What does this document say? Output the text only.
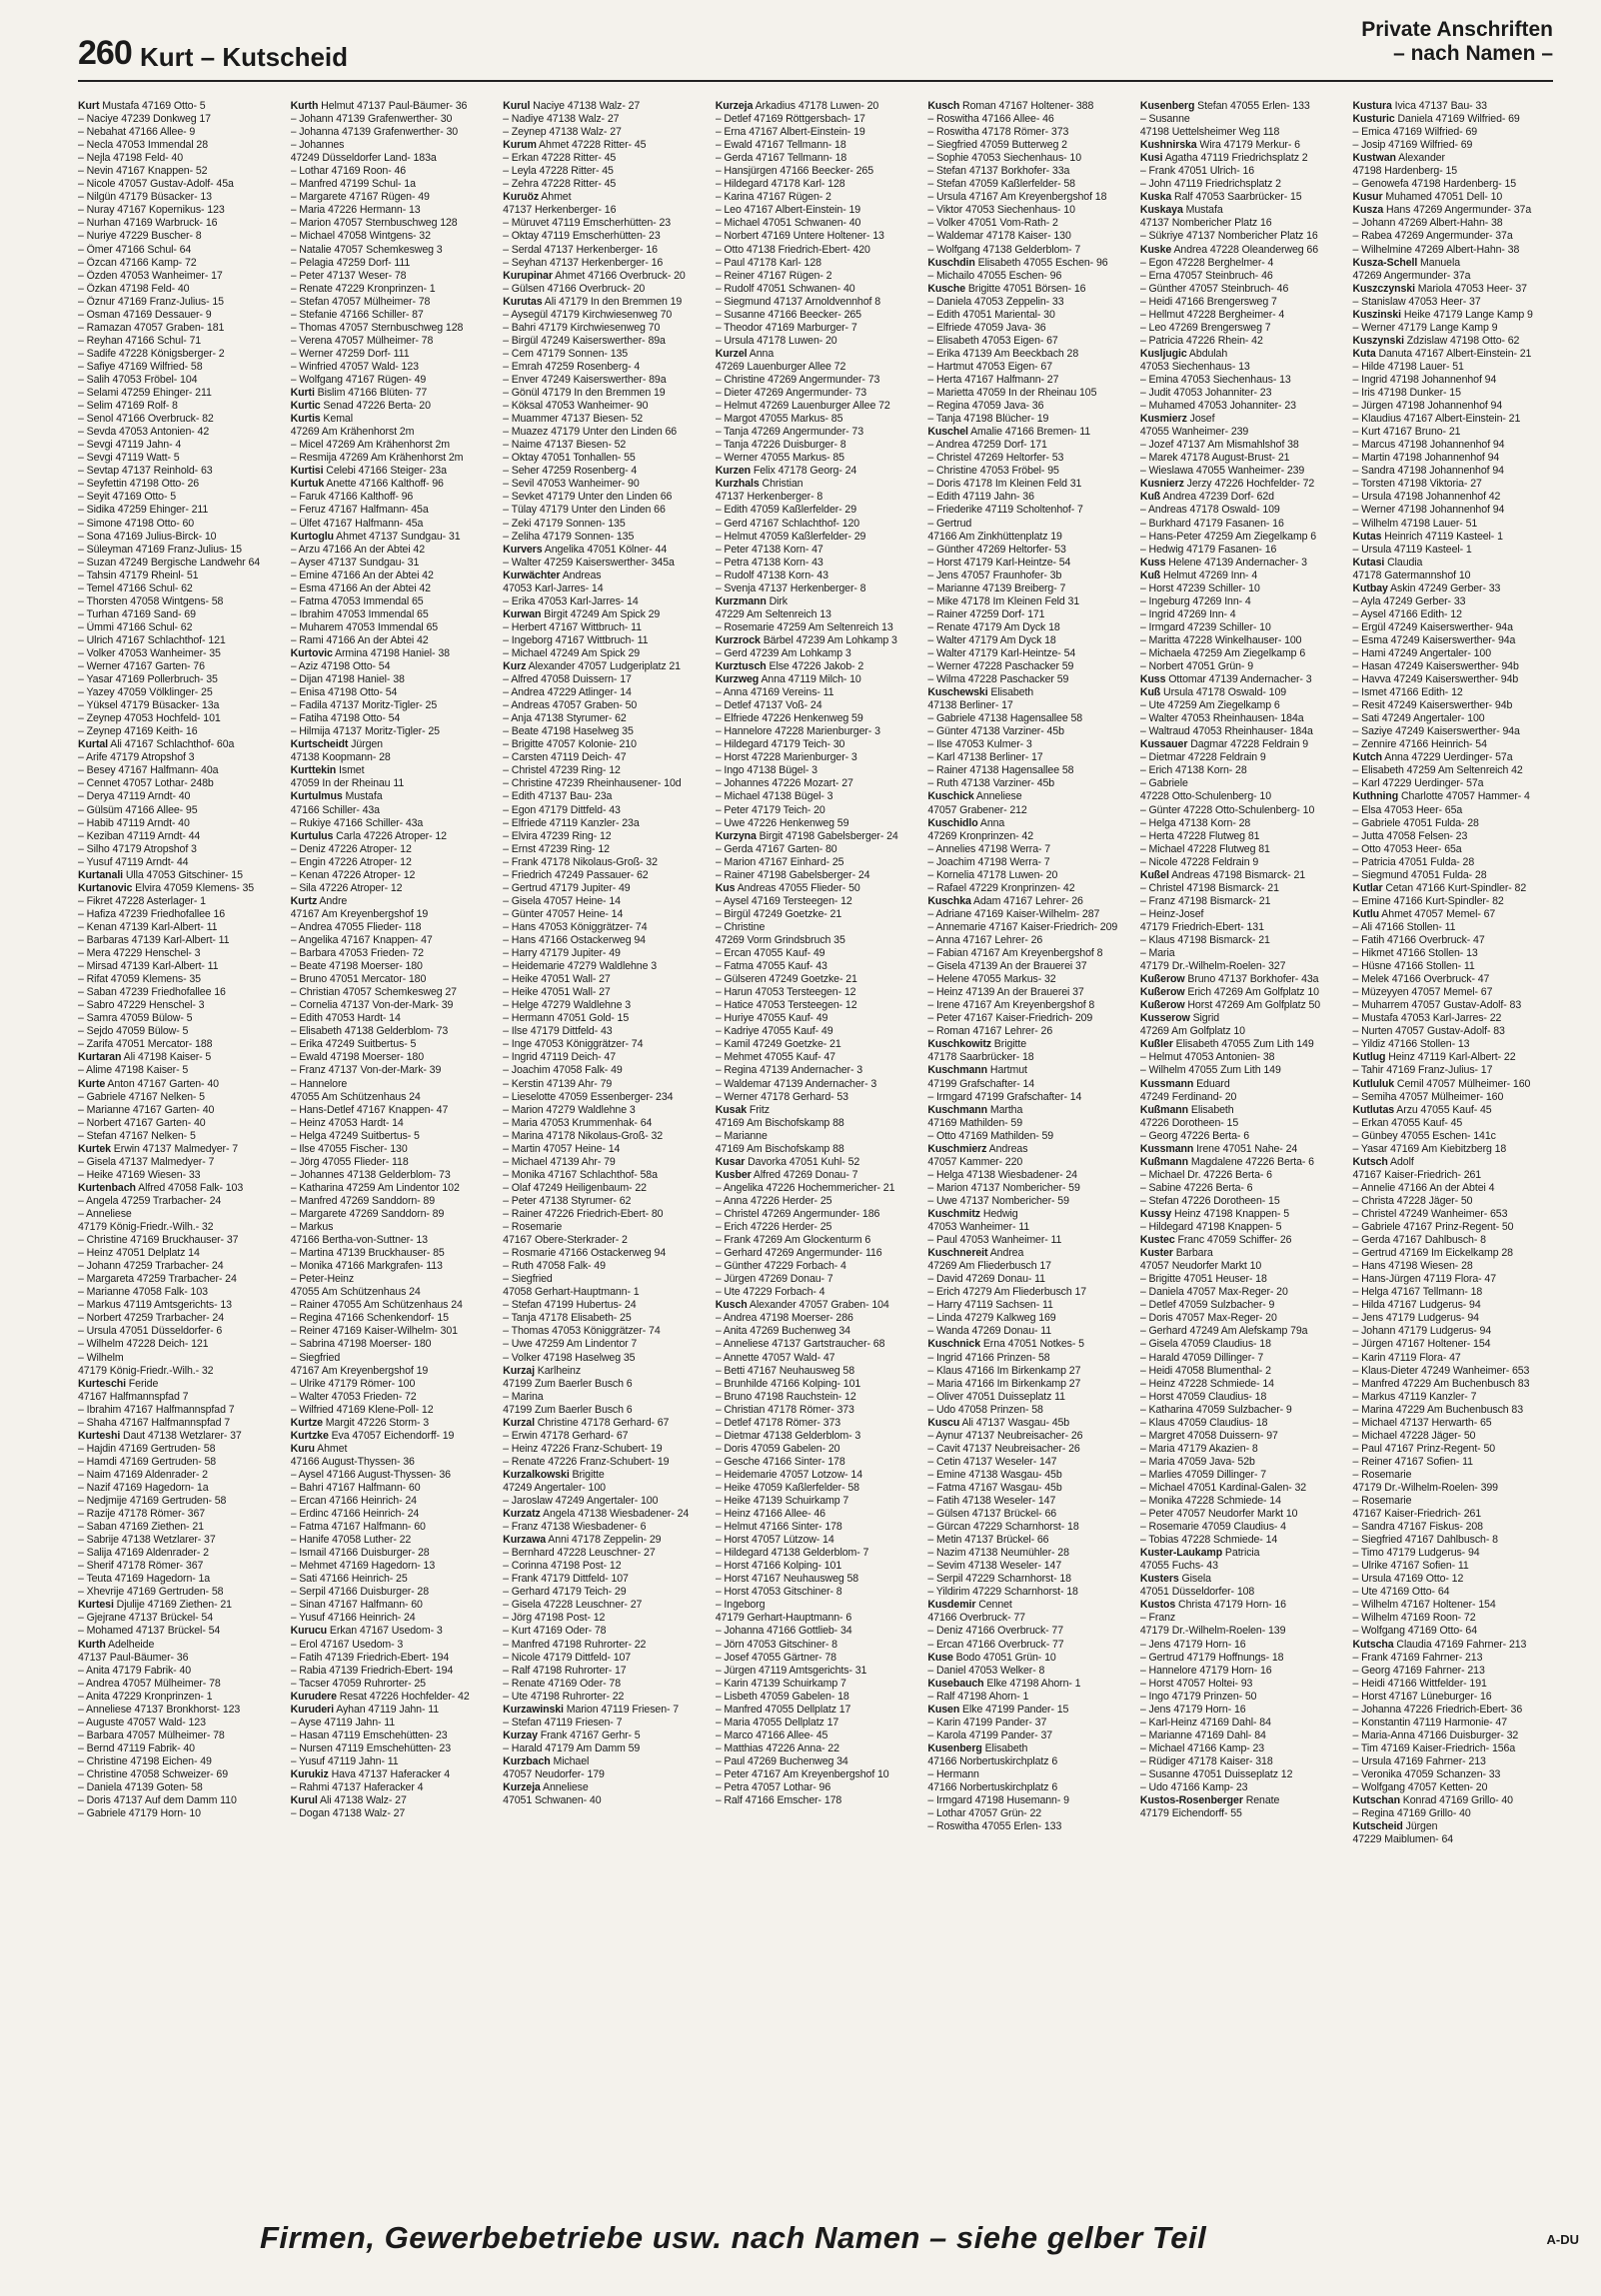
260 Kurt – Kutscheid
Private Anschriften
– nach Namen –
Kurt Mustafa 47169 Otto- 5
– Naciye 47239 Donkweg 17
– Nebahat 47166 Allee- 9
– Necla 47053 Immendal 28
– Nejla 47198 Feld- 40
– Nevin 47167 Knappen- 52
– Nicole 47057 Gustav-Adolf- 45a
– Nilgün 47179 Büsacker- 13
– Nuray 47167 Kopernikus- 123
– Nurhan 47169 Warbruck- 16
– Nuriye 47229 Buscher- 8
– Ömer 47166 Schul- 64
– Özcan 47166 Kamp- 72
– Özden 47053 Wanheimer- 17
– Özkan 47198 Feld- 40
– Öznur 47169 Franz-Julius- 15
– Osman 47169 Dessauer- 9
– Ramazan 47057 Graben- 181
– Reyhan 47166 Schul- 71
– Sadife 47228 Königsberger- 2
– Safiye 47169 Wilfried- 58
– Salih 47053 Fröbel- 104
– Selami 47259 Ehinger- 211
– Selim 47169 Rolf- 8
– Senol 47166 Overbruck- 82
– Sevda 47053 Antonien- 42
– Sevgi 47119 Jahn- 4
– Sevgi 47119 Watt- 5
– Sevtap 47137 Reinhold- 63
– Seyfettin 47198 Otto- 26
– Seyit 47169 Otto- 5
– Sidika 47259 Ehinger- 211
– Simone 47198 Otto- 60
– Sona 47169 Julius-Birck- 10
– Süleyman 47169 Franz-Julius- 15
– Suzan 47249 Bergische Landwehr 64
– Tahsin 47179 Rheinl- 51
– Temel 47166 Schul- 62
– Thorsten 47058 Wintgens- 58
– Turhan 47169 Sand- 69
– Ümmi 47166 Schul- 62
– Ulrich 47167 Schlachthof- 121
– Volker 47053 Wanheimer- 35
– Werner 47167 Garten- 76
– Yasar 47169 Pollerbruch- 35
– Yazey 47059 Völklinger- 25
– Yüksel 47179 Büsacker- 13a
– Zeynep 47053 Hochfeld- 101
– Zeynep 47169 Keith- 16
Kurtal Ali 47167 Schlachthof- 60a
– Arife 47179 Atropshof 3
– Besey 47167 Halfmann- 40a
– Cennet 47057 Lothar- 248b
– Derya 47119 Arndt- 40
– Gülsüm 47166 Allee- 95
– Habib 47119 Arndt- 40
– Keziban 47119 Arndt- 44
– Silho 47179 Atropshof 3
– Yusuf 47119 Arndt- 44
Kurtanali Ulla 47053 Gitschiner- 15
Kurtanovic Elvira 47059 Klemens- 35
– Fikret 47228 Asterlager- 1
– Hafiza 47239 Friedhofallee 16
– Kenan 47139 Karl-Albert- 11
– Barbaras 47139 Karl-Albert- 11
– Mera 47229 Henschel- 3
– Mirsad 47139 Karl-Albert- 11
– Rifat 47059 Klemens- 35
– Saban 47239 Friedhofallee 16
– Sabro 47229 Henschel- 3
– Samra 47059 Bülow- 5
– Sejdo 47059 Bülow- 5
– Zarifa 47051 Mercator- 188
Kurtaran Ali 47198 Kaiser- 5
– Alime 47198 Kaiser- 5
Kurte Anton 47167 Garten- 40
– Gabriele 47167 Nelken- 5
– Marianne 47167 Garten- 40
– Norbert 47167 Garten- 40
– Stefan 47167 Nelken- 5
Kurtek Erwin 47137 Malmedyer- 7
– Gisela 47137 Malmedyer- 7
– Heike 47169 Wiesen- 33
Kurtenbach Alfred 47058 Falk- 103
– Angela 47259 Trarbacher- 24
– Anneliese
47179 König-Friedr.-Wilh.- 32
– Christine 47169 Bruckhauser- 37
– Heinz 47051 Delplatz 14
– Johann 47259 Trarbacher- 24
– Margareta 47259 Trarbacher- 24
– Marianne 47058 Falk- 103
– Markus 47119 Amtsgerichts- 13
– Norbert 47259 Trarbacher- 24
– Ursula 47051 Düsseldorfer- 6
– Wilhelm 47228 Deich- 121
– Wilhelm
47179 König-Friedr.-Wilh.- 32
Kurteschi Feride
47167 Halfmannspfad 7
– Ibrahim 47167 Halfmannspfad 7
– Shaha 47167 Halfmannspfad 7
Kurteshi Daut 47138 Wetzlarer- 37
– Hajdin 47169 Gertruden- 58
– Hamdi 47169 Gertruden- 58
– Naim 47169 Aldenrader- 2
– Nazif 47169 Hagedorn- 1a
– Nedjmije 47169 Gertruden- 58
– Razije 47178 Römer- 367
– Saban 47169 Ziethen- 21
– Sabrije 47138 Wetzlarer- 37
– Salija 47169 Aldenrader- 2
– Sherif 47178 Römer- 367
– Teuta 47169 Hagedorn- 1a
– Xhevrije 47169 Gertruden- 58
Kurtesi Djulije 47169 Ziethen- 21
– Gjejrane 47137 Brückel- 54
– Mohamed 47137 Brückel- 54
Kurth Adelheide
47137 Paul-Bäumer- 36
– Anita 47179 Fabrik- 40
– Andrea 47057 Mülheimer- 78
– Anita 47229 Kronprinzen- 1
– Anneliese 47137 Bronkhorst- 123
– Auguste 47057 Wald- 123
– Barbara 47057 Mülheimer- 78
– Bernd 47119 Fabrik- 40
– Christine 47198 Eichen- 49
– Christine 47058 Schweizer- 69
– Daniela 47139 Goten- 58
– Doris 47137 Auf dem Damm 110
– Gabriele 47179 Horn- 10
Kurth Helmut 47137 Paul-Bäumer- 36
– Johann 47139 Grafenwerther- 30
– Johanna 47139 Grafenwerther- 30
– Johannes
47249 Düsseldorfer Land- 183a
– Lothar 47169 Roon- 46
– Manfred 47199 Schul- 1a
– Margarete 47167 Rügen- 49
– Maria 47226 Hermann- 13
– Marion 47057 Sternbuschweg 128
– Michael 47058 Wintgens- 32
– Natalie 47057 Schemkesweg 3
– Pelagia 47259 Dorf- 111
– Peter 47137 Weser- 78
– Renate 47229 Kronprinzen- 1
– Stefan 47057 Mülheimer- 78
– Stefanie 47166 Schiller- 87
– Thomas 47057 Sternbuschweg 128
– Verena 47057 Mülheimer- 78
– Werner 47259 Dorf- 111
– Winfried 47057 Wald- 123
– Wolfgang 47167 Rügen- 49
Kurti Bislim 47166 Blüten- 77
Kurtic Senad 47226 Berta- 20
Kurtis Kemal
47269 Am Krähenhorst 2m
– Micel 47269 Am Krähenhorst 2m
– Resmija 47269 Am Krähenhorst 2m
Kurtisi Celebi 47166 Steiger- 23a
Kurtuk Anette 47166 Kalthoff- 96
– Faruk 47166 Kalthoff- 96
– Feruz 47167 Halfmann- 45a
– Ülfet 47167 Halfmann- 45a
Kurtoglu Ahmet 47137 Sundgau- 31
– Arzu 47166 An der Abtei 42
– Ayser 47137 Sundgau- 31
– Emine 47166 An der Abtei 42
– Esma 47166 An der Abtei 42
– Fatma 47053 Immendal 65
– Ibrahim 47053 Immendal 65
– Muharem 47053 Immendal 65
– Rami 47166 An der Abtei 42
Kurtovic Armina 47198 Haniel- 38
– Aziz 47198 Otto- 54
– Dijan 47198 Haniel- 38
– Enisa 47198 Otto- 54
– Fadila 47137 Moritz-Tigler- 25
– Fatiha 47198 Otto- 54
– Hilmija 47137 Moritz-Tigler- 25
Kurtscheidt Jürgen
47138 Koopmann- 28
Kurttekin Ismet
47059 In der Rheinau 11
Kurtulmus Mustafa
47166 Schiller- 43a
– Rukiye 47166 Schiller- 43a
Kurtulus Carla 47226 Atroper- 12
– Deniz 47226 Atroper- 12
– Engin 47226 Atroper- 12
– Kenan 47226 Atroper- 12
– Sila 47226 Atroper- 12
Kurtz Andre
47167 Am Kreyenbergshof 19
– Andrea 47055 Flieder- 118
– Angelika 47167 Knappen- 47
– Barbara 47053 Frieden- 72
– Beate 47198 Moerser- 180
– Bruno 47051 Mercator- 180
– Christian 47057 Schemkesweg 27
– Cornelia 47137 Von-der-Mark- 39
– Edith 47053 Hardt- 14
– Elisabeth 47138 Gelderblom- 73
– Erika 47249 Suitbertus- 5
– Ewald 47198 Moerser- 180
– Franz 47137 Von-der-Mark- 39
– Hannelore
47055 Am Schützenhaus 24
– Hans-Detlef 47167 Knappen- 47
– Heinz 47053 Hardt- 14
– Helga 47249 Suitbertus- 5
– Ilse 47055 Fischer- 130
– Jörg 47055 Flieder- 118
– Johannes 47138 Gelderblom- 73
– Katharina 47259 Am Lindentor 102
– Manfred 47269 Sanddorn- 89
– Margarete 47269 Sanddorn- 89
– Markus
47166 Bertha-von-Suttner- 13
– Martina 47139 Bruckhauser- 85
– Monika 47166 Markgrafen- 113
– Peter-Heinz
47055 Am Schützenhaus 24
– Rainer 47055 Am Schützenhaus 24
– Regina 47166 Schenkendorf- 15
– Reiner 47169 Kaiser-Wilhelm- 301
– Sabrina 47198 Moerser- 180
– Siegfried
47167 Am Kreyenbergshof 19
– Ulrike 47179 Römer- 100
– Walter 47053 Frieden- 72
– Wilfried 47169 Klene-Poll- 12
Kurtze Margit 47226 Storm- 3
Kurtzke Eva 47057 Eichendorff- 19
Kuru Ahmet
47166 August-Thyssen- 36
– Aysel 47166 August-Thyssen- 36
– Bahri 47167 Halfmann- 60
– Ercan 47166 Heinrich- 24
– Erdinc 47166 Heinrich- 24
– Fatma 47167 Halfmann- 60
– Hanife 47058 Luther- 22
– Ismail 47166 Duisburger- 28
– Mehmet 47169 Hagedorn- 13
– Sati 47166 Heinrich- 25
– Serpil 47166 Duisburger- 28
– Sinan 47167 Halfmann- 60
– Yusuf 47166 Heinrich- 24
Kurucu Erkan 47167 Usedom- 3
– Erol 47167 Usedom- 3
– Fatih 47139 Friedrich-Ebert- 194
– Rabia 47139 Friedrich-Ebert- 194
– Tacser 47059 Ruhrorter- 25
Kurudere Resat 47226 Hochfelder- 42
Kuruderi Ayhan 47119 Jahn- 11
– Ayse 47119 Jahn- 11
– Hasan 47119 Emschehütten- 23
– Nursen 47119 Emschehütten- 23
– Yusuf 47119 Jahn- 11
Kurukiz Hava 47137 Haferacker 4
– Rahmi 47137 Haferacker 4
Kurul Ali 47138 Walz- 27
– Dogan 47138 Walz- 27
Kurul Naciye 47138 Walz- 27
– Nadiye 47138 Walz- 27
– Zeynep 47138 Walz- 27
Kurum Ahmet 47228 Ritter- 45
– Erkan 47228 Ritter- 45
– Leyla 47228 Ritter- 45
– Zehra 47228 Ritter- 45
Kuruöz Ahmet
47137 Herkenberger- 16
– Müruvet 47119 Emscherhütten- 23
– Oktay 47119 Emscherhütten- 23
– Serdal 47137 Herkenberger- 16
– Seyhan 47137 Herkenberger- 16
Kurupinar Ahmet 47166 Overbruck- 20
– Gülsen 47166 Overbruck- 20
Kurutas Ali 47179 In den Bremmen 19
– Aysegül 47179 Kirchwiesenweg 70
– Bahri 47179 Kirchwiesenweg 70
– Birgül 47249 Kaiserswerther- 89a
– Cem 47179 Sonnen- 135
– Emrah 47259 Rosenberg- 4
– Enver 47249 Kaiserswerther- 89a
– Gönül 47179 In den Bremmen 19
– Köksal 47053 Wanheimer- 90
– Muammer 47137 Biesen- 52
– Muazez 47179 Unter den Linden 66
– Naime 47137 Biesen- 52
– Oktay 47051 Tonhallen- 55
– Seher 47259 Rosenberg- 4
– Sevil 47053 Wanheimer- 90
– Sevket 47179 Unter den Linden 66
– Tülay 47179 Unter den Linden 66
– Zeki 47179 Sonnen- 135
– Zeliha 47179 Sonnen- 135
Kurvers Angelika 47051 Kölner- 44
– Walter 47259 Kaiserswerther- 345a
Kurwächter Andreas
47053 Karl-Jarres- 14
– Erika 47053 Karl-Jarres- 14
Kurwan Birgit 47249 Am Spick 29
– Herbert 47167 Wittbruch- 11
– Ingeborg 47167 Wittbruch- 11
– Michael 47249 Am Spick 29
Kurz Alexander 47057 Ludgeriplatz 21
– Alfred 47058 Duissern- 17
– Andrea 47229 Atlinger- 14
– Andreas 47057 Graben- 50
– Anja 47138 Styrumer- 62
– Beate 47198 Haselweg 35
– Brigitte 47057 Kolonie- 210
– Carsten 47119 Deich- 47
– Christel 47239 Ring- 12
– Christine 47239 Rheinhausener- 10d
– Edith 47137 Bau- 23a
– Egon 47179 Dittfeld- 43
– Elfriede 47119 Kanzler- 23a
– Elvira 47239 Ring- 12
– Ernst 47239 Ring- 12
– Frank 47178 Nikolaus-Groß- 32
– Friedrich 47249 Passauer- 62
– Gertrud 47179 Jupiter- 49
– Gisela 47057 Heine- 14
– Günter 47057 Heine- 14
– Hans 47053 Königgrätzer- 74
– Hans 47166 Ostackerweg 94
– Harry 47179 Jupiter- 49
– Heidemarie 47279 Waldlehne 3
– Heike 47051 Wall- 27
– Heike 47051 Wall- 27
– Helge 47279 Waldlehne 3
– Hermann 47051 Gold- 15
– Ilse 47179 Dittfeld- 43
– Inge 47053 Königgrätzer- 74
– Ingrid 47119 Deich- 47
– Joachim 47058 Falk- 49
– Kerstin 47139 Ahr- 79
– Lieselotte 47059 Essenberger- 234
– Marion 47279 Waldlehne 3
– Maria 47053 Krummenhak- 64
– Marina 47178 Nikolaus-Groß- 32
– Martin 47057 Heine- 14
– Michael 47139 Ahr- 79
– Monika 47167 Schlachthof- 58a
– Olaf 47249 Heiligenbaum- 22
– Peter 47138 Styrumer- 62
– Rainer 47226 Friedrich-Ebert- 80
– Rosemarie
47167 Obere-Sterkrader- 2
– Rosmarie 47166 Ostackerweg 94
– Ruth 47058 Falk- 49
– Siegfried
47058 Gerhart-Hauptmann- 1
– Stefan 47199 Hubertus- 24
– Tanja 47178 Elisabeth- 25
– Thomas 47053 Königgrätzer- 74
– Uwe 47259 Am Lindentor 7
– Volker 47198 Haselweg 35
Kurzaj Karlheinz
47199 Zum Baerler Busch 6
– Marina
47199 Zum Baerler Busch 6
Kurzal Christine 47178 Gerhard- 67
– Erwin 47178 Gerhard- 67
– Heinz 47226 Franz-Schubert- 19
– Renate 47226 Franz-Schubert- 19
Kurzalkowski Brigitte
47249 Angertaler- 100
– Jaroslaw 47249 Angertaler- 100
Kurzatz Angela 47138 Wiesbadener- 24
– Franz 47138 Wiesbadener- 6
Kurzawa Anni 47178 Zeppelin- 29
– Bernhard 47228 Leuschner- 27
– Corinna 47198 Post- 12
– Frank 47179 Dittfeld- 107
– Gerhard 47179 Teich- 29
– Gisela 47228 Leuschner- 27
– Jörg 47198 Post- 12
– Kurt 47169 Oder- 78
– Manfred 47198 Ruhrorter- 22
– Nicole 47179 Dittfeld- 107
– Ralf 47198 Ruhrorter- 17
– Renate 47169 Oder- 78
– Ute 47198 Ruhrorter- 22
Kurzawinski Marion 47119 Friesen- 7
– Stefan 47119 Friesen- 7
Kurzay Frank 47167 Gerhr- 5
– Harald 47179 Am Damm 59
Kurzbach Michael
47057 Neudorfer- 179
Kurzeja Anneliese
47051 Schwanen- 40
Kurzeja Arkadius 47178 Luwen- 20
– Detlef 47169 Röttgersbach- 17
– Erna 47167 Albert-Einstein- 19
– Ewald 47167 Tellmann- 18
– Gerda 47167 Tellmann- 18
– Hansjürgen 47166 Beecker- 265
– Hildegard 47178 Karl- 128
– Karina 47167 Rügen- 2
– Leo 47167 Albert-Einstein- 19
– Michael 47051 Schwanen- 40
– Norbert 47169 Untere Holtener- 13
– Otto 47138 Friedrich-Ebert- 420
– Paul 47178 Karl- 128
– Reiner 47167 Rügen- 2
– Rudolf 47051 Schwanen- 40
– Siegmund 47137 Arnoldvennhof 8
– Susanne 47166 Beecker- 265
– Theodor 47169 Marburger- 7
– Ursula 47178 Luwen- 20
Kurzel Anna
47269 Lauenburger Allee 72
– Christine 47269 Angermunder- 73
– Dieter 47269 Angermunder- 73
– Helmut 47269 Lauenburger Allee 72
– Margot 47055 Markus- 85
– Tanja 47269 Angermunder- 73
– Tanja 47226 Duisburger- 8
– Werner 47055 Markus- 85
Kurzen Felix 47178 Georg- 24
Kurzhals Christian
47137 Herkenberger- 8
– Edith 47059 Kaßlerfelder- 29
– Gerd 47167 Schlachthof- 120
– Helmut 47059 Kaßlerfelder- 29
– Peter 47138 Korn- 47
– Petra 47138 Korn- 43
– Rudolf 47138 Korn- 43
– Svenja 47137 Herkenberger- 8
Kurzmann Dirk
47229 Am Seltenreich 13
– Rosemarie 47259 Am Seltenreich 13
Kurzrock Bärbel 47239 Am Lohkamp 3
– Gerd 47239 Am Lohkamp 3
Kurztusch Else 47226 Jakob- 2
Kurzweg Anna 47119 Milch- 10
– Anna 47169 Vereins- 11
– Detlef 47137 Voß- 24
– Elfriede 47226 Henkenweg 59
– Hannelore 47228 Marienburger- 3
– Hildegard 47179 Teich- 30
– Horst 47228 Marienburger- 3
– Ingo 47138 Bügel- 3
– Johannes 47226 Mozart- 27
– Michael 47138 Bügel- 3
– Peter 47179 Teich- 20
– Uwe 47226 Henkenweg 59
Kurzyna Birgit 47198 Gabelsberger- 24
– Gerda 47167 Garten- 80
– Marion 47167 Einhard- 25
– Rainer 47198 Gabelsberger- 24
Kus Andreas 47055 Flieder- 50
– Aysel 47169 Tersteegen- 12
– Birgül 47249 Goetzke- 21
– Christine
47269 Vorm Grindsbruch 35
– Ercan 47055 Kauf- 49
– Fatma 47055 Kauf- 43
– Gülseren 47249 Goetzke- 21
– Harun 47053 Tersteegen- 12
– Hatice 47053 Tersteegen- 12
– Huriye 47055 Kauf- 49
– Kadriye 47055 Kauf- 49
– Kamil 47249 Goetzke- 21
– Mehmet 47055 Kauf- 47
– Regina 47139 Andernacher- 3
– Waldemar 47139 Andernacher- 3
– Werner 47178 Gerhard- 53
Kusak Fritz
47169 Am Bischofskamp 88
– Marianne
47169 Am Bischofskamp 88
Kusar Davorka 47051 Kuhl- 52
Kusber Alfred 47269 Donau- 7
– Angelika 47226 Hochemmericher- 21
– Anna 47226 Herder- 25
– Christel 47269 Angermunder- 186
– Erich 47226 Herder- 25
– Frank 47269 Am Glockenturm 6
– Gerhard 47269 Angermunder- 116
– Günther 47229 Forbach- 4
– Jürgen 47269 Donau- 7
– Ute 47229 Forbach- 4
Kusch Alexander 47057 Graben- 104
– Andrea 47198 Moerser- 286
– Anita 47269 Buchenweg 34
– Anneliese 47137 Gartstraucher- 68
– Annette 47057 Wald- 47
– Betti 47167 Neuhausweg 58
– Brunhilde 47166 Kolping- 101
– Bruno 47198 Rauchstein- 12
– Christian 47178 Römer- 373
– Detlef 47178 Römer- 373
– Dietmar 47138 Gelderblom- 3
– Doris 47059 Gabelen- 20
– Gesche 47166 Sinter- 178
– Heidemarie 47057 Lotzow- 14
– Heike 47059 Kaßlerfelder- 58
– Heike 47139 Schuirkamp 7
– Heinz 47166 Allee- 46
– Helmut 47166 Sinter- 178
– Horst 47057 Lützow- 14
– Hildegard 47138 Gelderblom- 7
– Horst 47166 Kolping- 101
– Horst 47167 Neuhausweg 58
– Horst 47053 Gitschiner- 8
– Ingeborg
47179 Gerhart-Hauptmann- 6
– Johanna 47166 Gottlieb- 34
– Jörn 47053 Gitschiner- 8
– Josef 47055 Gärtner- 78
– Jürgen 47119 Amtsgerichts- 31
– Karin 47139 Schuirkamp 7
– Lisbeth 47059 Gabelen- 18
– Manfred 47055 Dellplatz 17
– Maria 47055 Dellplatz 17
– Marco 47166 Allee- 45
– Matthias 47226 Anna- 22
– Paul 47269 Buchenweg 34
– Peter 47167 Am Kreyenbergshof 10
– Petra 47057 Lothar- 96
– Ralf 47166 Emscher- 178
Kusch Roman 47167 Holtener- 388
– Roswitha 47166 Allee- 46
– Roswitha 47178 Römer- 373
– Siegfried 47059 Butterweg 2
– Sophie 47053 Siechenhaus- 10
– Stefan 47137 Borkhofer- 33a
– Stefan 47059 Kaßlerfelder- 58
– Ursula 47167 Am Kreyenbergshof 18
– Viktor 47053 Siechenhaus- 10
– Volker 47051 Vom-Rath- 2
– Waldemar 47178 Kaiser- 130
– Wolfgang 47138 Gelderblom- 7
Kuschdin Elisabeth 47055 Eschen- 96
– Michailo 47055 Eschen- 96
Kusche Brigitte 47051 Börsen- 16
– Daniela 47053 Zeppelin- 33
– Edith 47051 Mariental- 30
– Elfriede 47059 Java- 36
– Elisabeth 47053 Eigen- 67
– Erika 47139 Am Beeckbach 28
– Hartmut 47053 Eigen- 67
– Herta 47167 Halfmann- 27
– Marietta 47059 In der Rheinau 105
– Regina 47059 Java- 36
– Tanja 47198 Blücher- 19
Kuschel Amalie 47166 Bremen- 11
– Andrea 47259 Dorf- 171
– Christel 47269 Heltorfer- 53
– Christine 47053 Fröbel- 95
– Doris 47178 Im Kleinen Feld 31
– Edith 47119 Jahn- 36
– Friederike 47119 Scholtenhof- 7
– Gertrud
47166 Am Zinkhüttenplatz 19
– Günther 47269 Heltorfer- 53
– Horst 47179 Karl-Heintze- 54
– Jens 47057 Fraunhofer- 3b
– Marianne 47139 Breiberg- 7
– Mike 47178 Im Kleinen Feld 31
– Rainer 47259 Dorf- 171
– Renate 47179 Am Dyck 18
– Walter 47179 Am Dyck 18
– Walter 47179 Karl-Heintze- 54
– Werner 47228 Paschacker 59
– Wilma 47228 Paschacker 59
Kuschewski Elisabeth
47138 Berliner- 17
– Gabriele 47138 Hagensallee 58
– Günter 47138 Varziner- 45b
– Ilse 47053 Kulmer- 3
– Karl 47138 Berliner- 17
– Rainer 47138 Hagensallee 58
– Ruth 47138 Varziner- 45b
Kuschick Anneliese
47057 Grabener- 212
Kuschidlo Anna
47269 Kronprinzen- 42
– Annelies 47198 Werra- 7
– Joachim 47198 Werra- 7
– Kornelia 47178 Luwen- 20
– Rafael 47229 Kronprinzen- 42
Kuschka Adam 47167 Lehrer- 26
– Adriane 47169 Kaiser-Wilhelm- 287
– Annemarie 47167 Kaiser-Friedrich- 209
– Anna 47167 Lehrer- 26
– Fabian 47167 Am Kreyenbergshof 8
– Gisela 47139 An der Brauerei 37
– Helene 47055 Markus- 32
– Heinz 47139 An der Brauerei 37
– Irene 47167 Am Kreyenbergshof 8
– Peter 47167 Kaiser-Friedrich- 209
– Roman 47167 Lehrer- 26
Kuschkowitz Brigitte
47178 Saarbrücker- 18
Kuschmann Hartmut
47199 Grafschafter- 14
– Irmgard 47199 Grafschafter- 14
Kuschmann Martha
47169 Mathilden- 59
– Otto 47169 Mathilden- 59
Kuschmierz Andreas
47057 Kammer- 220
– Helga 47138 Wiesbadener- 24
– Marion 47137 Nombericher- 59
– Uwe 47137 Nombericher- 59
Kuschmitz Hedwig
47053 Wanheimer- 11
– Paul 47053 Wanheimer- 11
Kuschnereit Andrea
47269 Am Fliederbusch 17
– David 47269 Donau- 11
– Erich 47279 Am Fliederbusch 17
– Harry 47119 Sachsen- 11
– Linda 47279 Kalkweg 169
– Wanda 47269 Donau- 11
Kuschnick Erna 47051 Notkes- 5
– Ingrid 47166 Prinzen- 58
– Klaus 47166 Im Birkenkamp 27
– Maria 47166 Im Birkenkamp 27
– Oliver 47051 Duisseplatz 11
– Udo 47058 Prinzen- 58
Kuscu Ali 47137 Wasgau- 45b
– Aynur 47137 Neubreisacher- 26
– Cavit 47137 Neubreisacher- 26
– Cetin 47137 Weseler- 147
– Emine 47138 Wasgau- 45b
– Fatma 47167 Wasgau- 45b
– Fatih 47138 Weseler- 147
– Gülsen 47137 Brückel- 66
– Gürcan 47229 Scharnhorst- 18
– Metin 47137 Brückel- 66
– Nazim 47138 Neumühler- 28
– Sevim 47138 Weseler- 147
– Serpil 47229 Scharnhorst- 18
– Yildirim 47229 Scharnhorst- 18
Kusdemir Cennet
47166 Overbruck- 77
– Deniz 47166 Overbruck- 77
– Ercan 47166 Overbruck- 77
Kuse Bodo 47051 Grün- 10
– Daniel 47053 Welker- 8
Kusebauch Elke 47198 Ahorn- 1
– Ralf 47198 Ahorn- 1
Kusen Elke 47199 Pander- 15
– Karin 47199 Pander- 37
– Karola 47199 Pander- 37
Kusenberg Elisabeth
47166 Norbertuskirchplatz 6
– Hermann
47166 Norbertuskirchplatz 6
– Irmgard 47198 Husemann- 9
– Lothar 47057 Grün- 22
– Roswitha 47055 Erlen- 133
Kusenberg Stefan 47055 Erlen- 133
– Susanne
47198 Uettelsheimer Weg 118
Kushnirska Wira 47179 Merkur- 6
Kusi Agatha 47119 Friedrichsplatz 2
– Frank 47051 Ulrich- 16
– John 47119 Friedrichsplatz 2
Kuska Ralf 47053 Saarbrücker- 15
Kuskaya Mustafa
47137 Nombericher Platz 16
– Sükriye 47137 Nombericher Platz 16
Kuske Andrea 47228 Oleanderweg 66
– Egon 47228 Berghelmer- 4
– Erna 47057 Steinbruch- 46
– Günther 47057 Steinbruch- 46
– Heidi 47166 Brengersweg 7
– Hellmut 47228 Bergheimer- 4
– Leo 47269 Brengersweg 7
– Patricia 47226 Rhein- 42
Kusljugic Abdulah
47053 Siechenhaus- 13
– Emina 47053 Siechenhaus- 13
– Judit 47053 Johanniter- 23
– Muhamed 47053 Johanniter- 23
Kusmierz Josef
47055 Wanheimer- 239
– Jozef 47137 Am Mismahlshof 38
– Marek 47178 August-Brust- 21
– Wieslawa 47055 Wanheimer- 239
Kusnierz Jerzy 47226 Hochfelder- 72
Kuß Andrea 47239 Dorf- 62d
– Andreas 47178 Oswald- 109
– Burkhard 47179 Fasanen- 16
– Hans-Peter 47259 Am Ziegelkamp 6
– Hedwig 47179 Fasanen- 16
Kuss Helene 47139 Andernacher- 3
Kuß Helmut 47269 Inn- 4
– Horst 47239 Schiller- 10
– Ingeburg 47269 Inn- 4
– Ingrid 47269 Inn- 4
– Irmgard 47239 Schiller- 10
– Maritta 47228 Winkelhauser- 100
– Michaela 47259 Am Ziegelkamp 6
– Norbert 47051 Grün- 9
Kuss Ottomar 47139 Andernacher- 3
Kuß Ursula 47178 Oswald- 109
– Ute 47259 Am Ziegelkamp 6
– Walter 47053 Rheinhausen- 184a
– Waltraud 47053 Rheinhauser- 184a
Kussauer Dagmar 47228 Feldrain 9
– Dietmar 47228 Feldrain 9
– Erich 47138 Korn- 28
– Gabriele
47228 Otto-Schulenberg- 10
– Günter 47228 Otto-Schulenberg- 10
– Helga 47138 Korn- 28
– Herta 47228 Flutweg 81
– Michael 47228 Flutweg 81
– Nicole 47228 Feldrain 9
Kußel Andreas 47198 Bismarck- 21
– Christel 47198 Bismarck- 21
– Franz 47198 Bismarck- 21
– Heinz-Josef
47179 Friedrich-Ebert- 131
– Klaus 47198 Bismarck- 21
– Maria
47179 Dr.-Wilhelm-Roelen- 327
Kußerow Bruno 47137 Borkhofer- 43a
Kußerow Erich 47269 Am Golfplatz 10
Kußerow Horst 47269 Am Golfplatz 50
Kusserow Sigrid
47269 Am Golfplatz 10
Kußler Elisabeth 47055 Zum Lith 149
– Helmut 47053 Antonien- 38
– Wilhelm 47055 Zum Lith 149
Kussmann Eduard
47249 Ferdinand- 20
Kußmann Elisabeth
47226 Dorotheen- 15
– Georg 47226 Berta- 6
Kussmann Irene 47051 Nahe- 24
Kußmann Magdalene 47226 Berta- 6
– Michael Dr. 47226 Berta- 6
– Sabine 47226 Berta- 6
– Stefan 47226 Dorotheen- 15
Kussy Heinz 47198 Knappen- 5
– Hildegard 47198 Knappen- 5
Kustec Franc 47059 Schiffer- 26
Kuster Barbara
47057 Neudorfer Markt 10
– Brigitte 47051 Heuser- 18
– Daniela 47057 Max-Reger- 20
– Detlef 47059 Sulzbacher- 9
– Doris 47057 Max-Reger- 20
– Gerhard 47249 Am Alefskamp 79a
– Gisela 47059 Claudius- 18
– Harald 47059 Dillinger- 7
– Heidi 47058 Blumenthal- 2
– Heinz 47228 Schmiede- 14
– Horst 47059 Claudius- 18
– Katharina 47059 Sulzbacher- 9
– Klaus 47059 Claudius- 18
– Margret 47058 Duissern- 97
– Maria 47179 Akazien- 8
– Maria 47059 Java- 52b
– Marlies 47059 Dillinger- 7
– Michael 47051 Kardinal-Galen- 32
– Monika 47228 Schmiede- 14
– Peter 47057 Neudorfer Markt 10
– Rosemarie 47059 Claudius- 4
– Tobias 47228 Schmiede- 14
Kuster-Laukamp Patricia
47055 Fuchs- 43
Kusters Gisela
47051 Düsseldorfer- 108
Kustos Christa 47179 Horn- 16
– Franz
47179 Dr.-Wilhelm-Roelen- 139
– Jens 47179 Horn- 16
– Gertrud 47179 Hoffnungs- 18
– Hannelore 47179 Horn- 16
– Horst 47057 Holtei- 93
– Ingo 47179 Prinzen- 50
– Jens 47179 Horn- 16
– Karl-Heinz 47169 Dahl- 84
– Marianne 47169 Dahl- 84
– Michael 47166 Kamp- 23
– Rüdiger 47178 Kaiser- 318
– Susanne 47051 Duisseplatz 12
– Udo 47166 Kamp- 23
Kustos-Rosenberger Renate
47179 Eichendorff- 55
Kustura Ivica 47137 Bau- 33
Kusturic Daniela 47169 Wilfried- 69
– Emica 47169 Wilfried- 69
– Josip 47169 Wilfried- 69
Kustwan Alexander
47198 Hardenberg- 15
– Genowefa 47198 Hardenberg- 15
Kusur Muhamed 47051 Dell- 10
Kusza Hans 47269 Angermunder- 37a
– Johann 47269 Albert-Hahn- 38
– Rabea 47269 Angermunder- 37a
– Wilhelmine 47269 Albert-Hahn- 38
Kusza-Schell Manuela
47269 Angermunder- 37a
Kuszczynski Mariola 47053 Heer- 37
– Stanislaw 47053 Heer- 37
Kuszinski Heike 47179 Lange Kamp 9
– Werner 47179 Lange Kamp 9
Kuszynski Zdzislaw 47198 Otto- 62
Kuta Danuta 47167 Albert-Einstein- 21
– Hilde 47198 Lauer- 51
– Ingrid 47198 Johannenhof 94
– Iris 47198 Dunker- 15
– Jürgen 47198 Johannenhof 94
– Klaudius 47167 Albert-Einstein- 21
– Kurt 47167 Bruno- 21
– Marcus 47198 Johannenhof 94
– Martin 47198 Johannenhof 94
– Sandra 47198 Johannenhof 94
– Torsten 47198 Viktoria- 27
– Ursula 47198 Johannenhof 42
– Werner 47198 Johannenhof 94
– Wilhelm 47198 Lauer- 51
Kutas Heinrich 47119 Kasteel- 1
– Ursula 47119 Kasteel- 1
Kutasi Claudia
47178 Gatermannshof 10
Kutbay Askin 47249 Gerber- 33
– Ayla 47249 Gerber- 33
– Aysel 47166 Edith- 12
– Ergül 47249 Kaiserswerther- 94a
– Esma 47249 Kaiserswerther- 94a
– Hami 47249 Angertaler- 100
– Hasan 47249 Kaiserswerther- 94b
– Havva 47249 Kaiserswerther- 94b
– Ismet 47166 Edith- 12
– Resit 47249 Kaiserswerther- 94b
– Sati 47249 Angertaler- 100
– Saziye 47249 Kaiserswerther- 94a
– Zennire 47166 Heinrich- 54
Kutch Anna 47229 Uerdinger- 57a
– Elisabeth 47259 Am Seltenreich 42
– Karl 47229 Uerdinger- 57a
Kuthning Charlotte 47057 Hammer- 4
– Elsa 47053 Heer- 65a
– Gabriele 47051 Fulda- 28
– Jutta 47058 Felsen- 23
– Otto 47053 Heer- 65a
– Patricia 47051 Fulda- 28
– Siegmund 47051 Fulda- 28
Kutlar Cetan 47166 Kurt-Spindler- 82
– Emine 47166 Kurt-Spindler- 82
Kutlu Ahmet 47057 Memel- 67
– Ali 47166 Stollen- 11
– Fatih 47166 Overbruck- 47
– Hikmet 47166 Stollen- 13
– Hüsne 47166 Stollen- 11
– Melek 47166 Overbruck- 47
– Müzeyyen 47057 Memel- 67
– Muharrem 47057 Gustav-Adolf- 83
– Mustafa 47053 Karl-Jarres- 22
– Nurten 47057 Gustav-Adolf- 83
– Yildiz 47166 Stollen- 13
Kutlug Heinz 47119 Karl-Albert- 22
– Tahir 47169 Franz-Julius- 17
Kutluluk Cemil 47057 Mülheimer- 160
– Semiha 47057 Mülheimer- 160
Kutlutas Arzu 47055 Kauf- 45
– Erkan 47055 Kauf- 45
– Günbey 47055 Eschen- 141c
– Yasar 47169 Am Kiebitzberg 18
Kutsch Adolf
47167 Kaiser-Friedrich- 261
– Annelie 47166 An der Abtei 4
– Christa 47228 Jäger- 50
– Christel 47249 Wanheimer- 653
– Gabriele 47167 Prinz-Regent- 50
– Gerda 47167 Dahlbusch- 8
– Gertrud 47169 Im Eickelkamp 28
– Hans 47198 Wiesen- 28
– Hans-Jürgen 47119 Flora- 47
– Helga 47167 Tellmann- 18
– Hilda 47167 Ludgerus- 94
– Jens 47179 Ludgerus- 94
– Johann 47179 Ludgerus- 94
– Jürgen 47167 Holtener- 154
– Karin 47119 Flora- 47
– Klaus-Dieter 47249 Wanheimer- 653
– Manfred 47229 Am Buchenbusch 83
– Markus 47119 Kanzler- 7
– Marina 47229 Am Buchenbusch 83
– Michael 47137 Herwarth- 65
– Michael 47228 Jäger- 50
– Paul 47167 Prinz-Regent- 50
– Reiner 47167 Sofien- 11
– Rosemarie
47179 Dr.-Wilhelm-Roelen- 399
– Rosemarie
47167 Kaiser-Friedrich- 261
– Sandra 47167 Fiskus- 208
– Siegfried 47167 Dahlbusch- 8
– Timo 47179 Ludgerus- 94
– Ulrike 47167 Sofien- 11
– Ursula 47169 Otto- 12
– Ute 47169 Otto- 64
– Wilhelm 47167 Holtener- 154
– Wilhelm 47169 Roon- 72
– Wolfgang 47169 Otto- 64
Kutscha Claudia 47169 Fahrner- 213
– Frank 47169 Fahrner- 213
– Georg 47169 Fahrner- 213
– Heidi 47166 Wittfelder- 191
– Horst 47167 Lüneburger- 16
– Johanna 47226 Friedrich-Ebert- 36
– Konstantin 47119 Harmonie- 47
– Maria-Anna 47166 Duisburger- 32
– Tim 47169 Kaiser-Friedrich- 156a
– Ursula 47169 Fahrner- 213
– Veronika 47059 Schanzen- 33
– Wolfgang 47057 Ketten- 20
Kutschan Konrad 47169 Grillo- 40
– Regina 47169 Grillo- 40
Kutscheid Jürgen
47229 Maiblumen- 64
Firmen, Gewerbebetriebe usw. nach Namen – siehe gelber Teil	A-DU
